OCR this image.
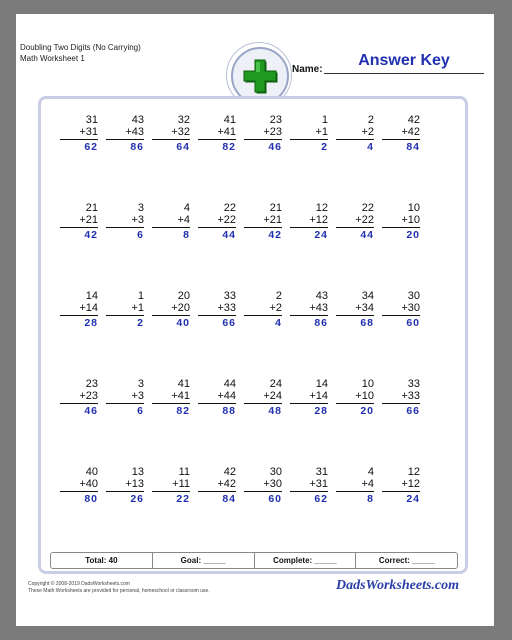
Doubling Two Digits (No Carrying)
Math Worksheet 1
Name:
Answer Key
31
+31
62
43
+43
86
32
+32
64
41
+41
82
23
+23
46
1
+1
2
2
+2
4
42
+42
84
21
+21
42
3
+3
6
4
+4
8
22
+22
44
21
+21
42
12
+12
24
22
+22
44
10
+10
20
14
+14
28
1
+1
2
20
+20
40
33
+33
66
2
+2
4
43
+43
86
34
+34
68
30
+30
60
23
+23
46
3
+3
6
41
+41
82
44
+44
88
24
+24
48
14
+14
28
10
+10
20
33
+33
66
40
+40
80
13
+13
26
11
+11
22
42
+42
84
30
+30
60
31
+31
62
4
+4
8
12
+12
24
Total: 40	Goal: _____	Complete: _____	Correct: _____
Copyright © 2008-2019 DadsWorksheets.com
These Math Worksheets are provided for personal, homeschool or classroom use.	DadsWorksheets.com
